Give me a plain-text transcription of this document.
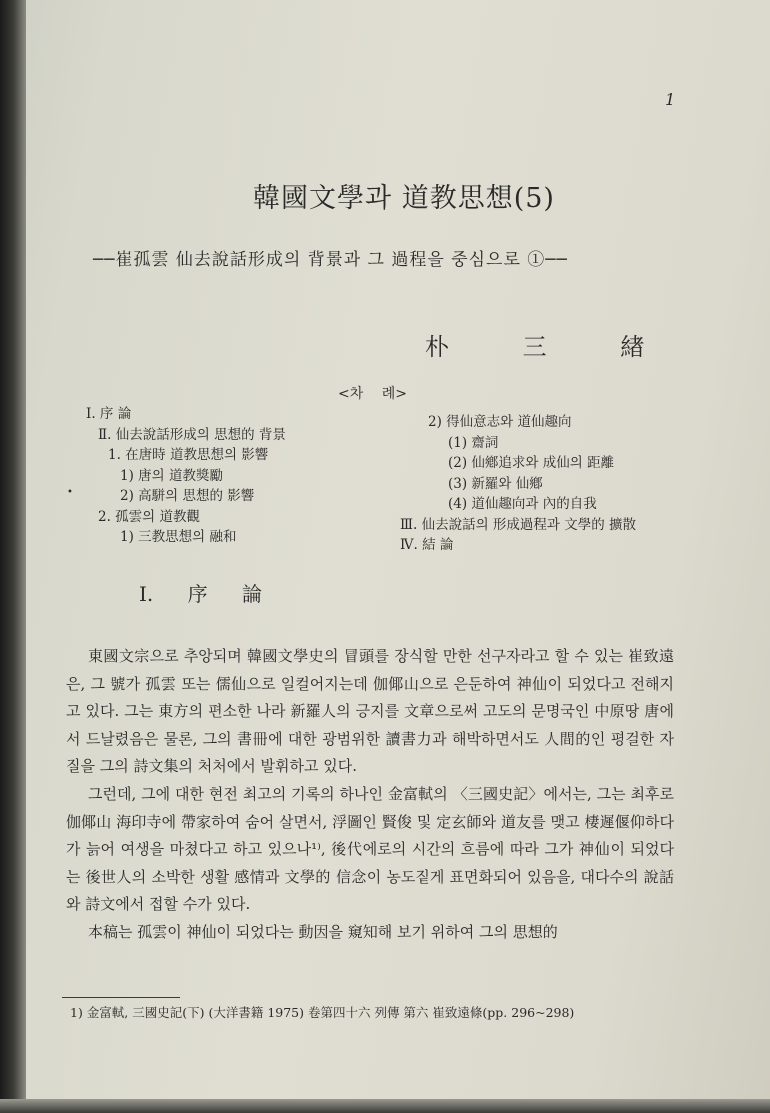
1
韓國文學과 道教思想(5)
──崔孤雲 仙去說話形成의 背景과 그 過程을 중심으로 ①──
朴 三 緖
<차 례>
Ⅰ. 序 論
Ⅱ. 仙去說話形成의 思想的 背景
1. 在唐時 道教思想의 影響
1) 唐의 道教獎勵
2) 高駢의 思想的 影響
2. 孤雲의 道教觀
1) 三教思想의 融和
•
2) 得仙意志와 道仙趣向
(1) 齋詞
(2) 仙鄕追求와 成仙의 距離
(3) 新羅와 仙鄕
(4) 道仙趣向과 內的自我
Ⅲ. 仙去說話의 形成過程과 文學的 擴散
Ⅳ. 結 論
Ⅰ. 序 論

東國文宗으로 추앙되며 韓國文學史의 冒頭를 장식할 만한 선구자라고 할 수 있는 崔致遠은, 그 號가 孤雲 또는 儒仙으로 일컬어지는데 伽倻山으로 은둔하여 神仙이 되었다고 전해지고 있다. 그는 東方의 편소한 나라 新羅人의 긍지를 文章으로써 고도의 문명국인 中原땅 唐에서 드날렸음은 물론, 그의 書冊에 대한 광범위한 讀書力과 해박하면서도 人間的인 평걸한 자질을 그의 詩文集의 처처에서 발휘하고 있다.

그런데, 그에 대한 현전 최고의 기록의 하나인 金富軾의 〈三國史記〉에서는, 그는 최후로 伽倻山 海印寺에 帶家하여 숨어 살면서, 浮圖인 賢俊 및 定玄師와 道友를 맺고 棲遲偃仰하다가 늙어 여생을 마쳤다고 하고 있으나¹⁾, 後代에로의 시간의 흐름에 따라 그가 神仙이 되었다는 後世人의 소박한 생활 感情과 文學的 信念이 농도짙게 표면화되어 있음을, 대다수의 說話와 詩文에서 접할 수가 있다.

本稿는 孤雲이 神仙이 되었다는 動因을 窺知해 보기 위하여 그의 思想的

1) 金富軾, 三國史記(下) (大洋書籍 1975) 卷第四十六 列傳 第六 崔致遠條(pp. 296~298)
